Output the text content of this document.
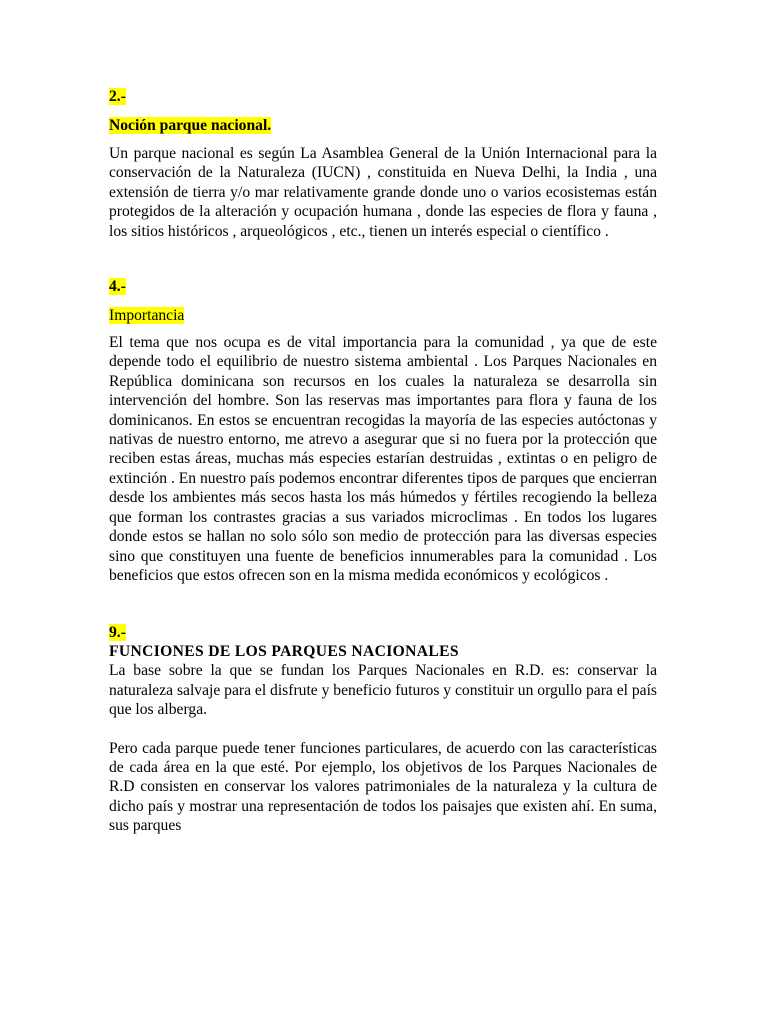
2.-

Noción parque nacional.

Un parque nacional es según La Asamblea General de la Unión Internacional para la conservación de la Naturaleza (IUCN) , constituida en Nueva Delhi, la India , una extensión de tierra y/o mar relativamente grande donde uno o varios ecosistemas están protegidos de la alteración y ocupación humana , donde las especies de flora y fauna , los sitios históricos , arqueológicos , etc., tienen un interés especial o científico .

4.-

Importancia

El tema que nos ocupa es de vital importancia para la comunidad , ya que de este depende todo el equilibrio de nuestro sistema ambiental . Los Parques Nacionales en República dominicana son recursos en los cuales la naturaleza se desarrolla sin intervención del hombre. Son las reservas mas importantes para flora y fauna de los dominicanos. En estos se encuentran recogidas la mayoría de las especies autóctonas y nativas de nuestro entorno, me atrevo a asegurar que si no fuera por la protección que reciben estas áreas, muchas más especies estarían destruidas , extintas o en peligro de extinción . En nuestro país podemos encontrar diferentes tipos de parques que encierran desde los ambientes más secos hasta los más húmedos y fértiles recogiendo la belleza que forman los contrastes gracias a sus variados microclimas . En todos los lugares donde estos se hallan no solo sólo son medio de protección para las diversas especies sino que constituyen una fuente de beneficios innumerables para la comunidad . Los beneficios que estos ofrecen son en la misma medida económicos y ecológicos .

9.-

FUNCIONES DE LOS PARQUES NACIONALES

La base sobre la que se fundan los Parques Nacionales en R.D. es: conservar la naturaleza salvaje para el disfrute y beneficio futuros y constituir un orgullo para el país que los alberga.

Pero cada parque puede tener funciones particulares, de acuerdo con las características de cada área en la que esté. Por ejemplo, los objetivos de los Parques Nacionales de R.D consisten en conservar los valores patrimoniales de la naturaleza y la cultura de dicho país y mostrar una representación de todos los paisajes que existen ahí. En suma, sus parques
